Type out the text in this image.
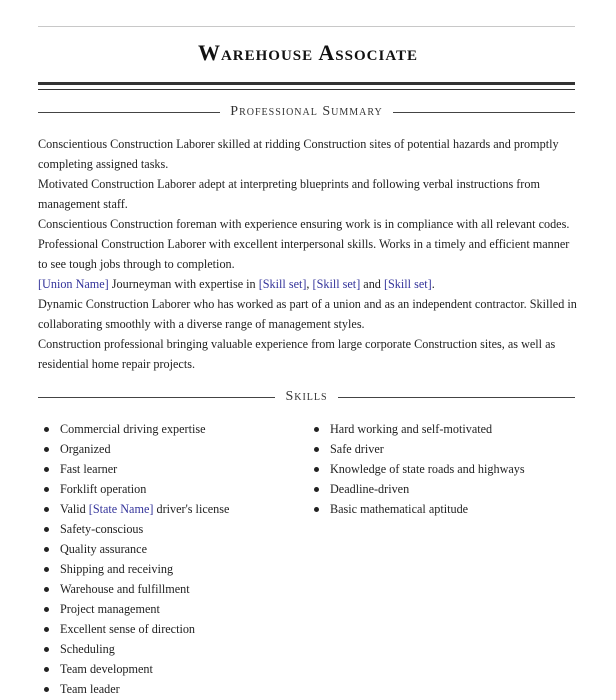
Warehouse Associate
Professional Summary

Conscientious Construction Laborer skilled at ridding Construction sites of potential hazards and promptly completing assigned tasks.

Motivated Construction Laborer adept at interpreting blueprints and following verbal instructions from management staff.

Conscientious Construction foreman with experience ensuring work is in compliance with all relevant codes.

Professional Construction Laborer with excellent interpersonal skills. Works in a timely and efficient manner to see tough jobs through to completion.

[Union Name] Journeyman with expertise in [Skill set], [Skill set] and [Skill set].

Dynamic Construction Laborer who has worked as part of a union and as an independent contractor. Skilled in collaborating smoothly with a diverse range of management styles.

Construction professional bringing valuable experience from large corporate Construction sites, as well as residential home repair projects.

Skills
Commercial driving expertise
Organized
Fast learner
Forklift operation
Valid [State Name] driver's license
Safety-conscious
Quality assurance
Shipping and receiving
Warehouse and fulfillment
Project management
Excellent sense of direction
Scheduling
Team development
Team leader
Hard working and self-motivated
Safe driver
Knowledge of state roads and highways
Deadline-driven
Basic mathematical aptitude
